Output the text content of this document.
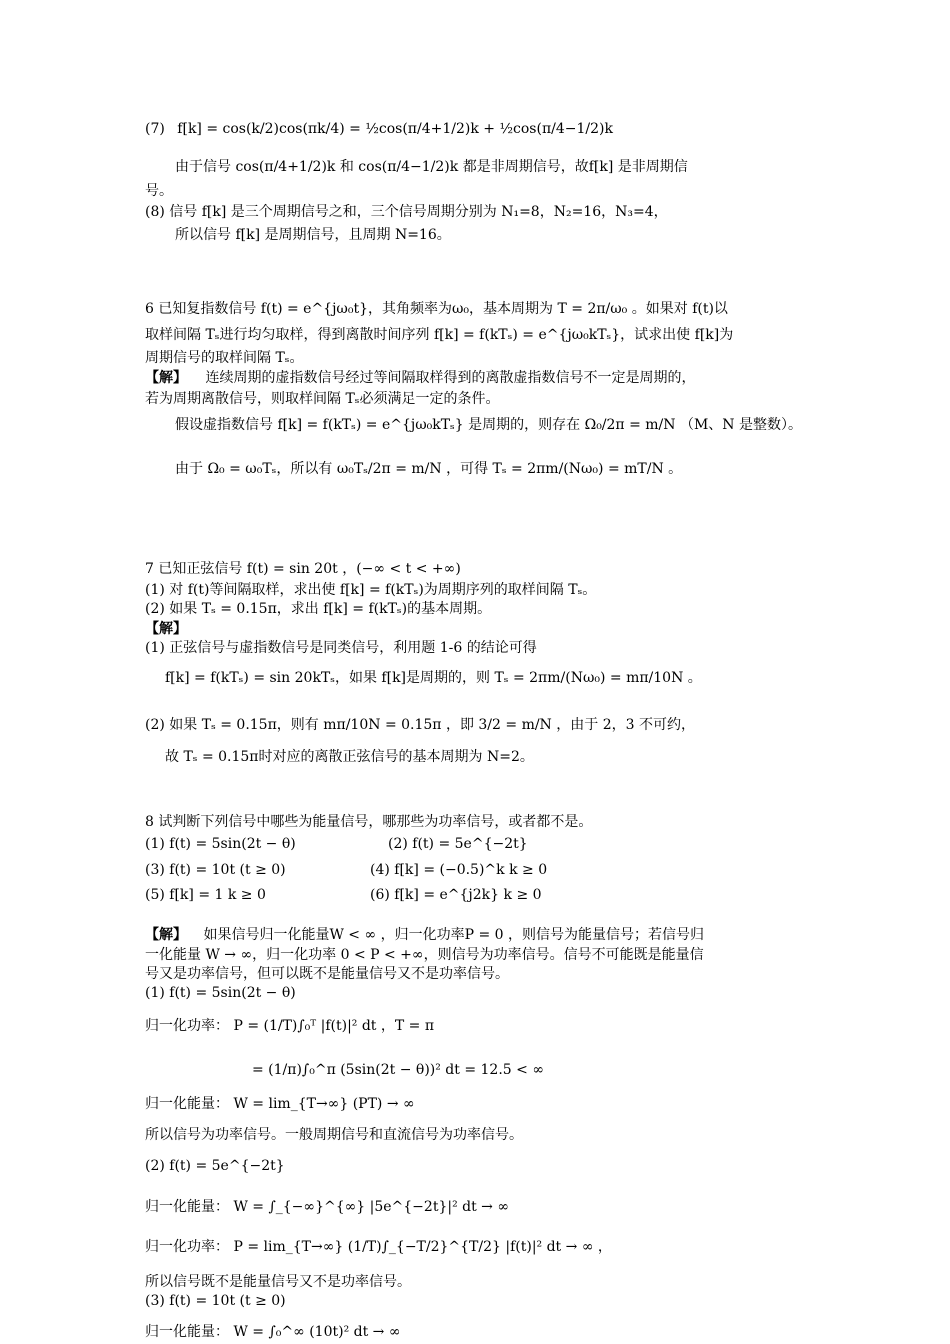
(7) f[k] = cos(k/2)cos(πk/4) = ½cos(π/4+1/2)k + ½cos(π/4−1/2)k
由于信号 cos(π/4+1/2)k 和 cos(π/4−1/2)k 都是非周期信号，故f[k] 是非周期信
号。
(8) 信号 f[k] 是三个周期信号之和，三个信号周期分别为 N₁=8，N₂=16，N₃=4，
所以信号 f[k] 是周期信号，且周期 N=16。
6 已知复指数信号 f(t) = e^{jω₀t}，其角频率为ω₀，基本周期为 T = 2π/ω₀ 。如果对 f(t)以
取样间隔 Tₛ进行均匀取样，得到离散时间序列 f[k] = f(kTₛ) = e^{jω₀kTₛ}，试求出使 f[k]为
周期信号的取样间隔 Tₛ。
【解】 连续周期的虚指数信号经过等间隔取样得到的离散虚指数信号不一定是周期的，
若为周期离散信号，则取样间隔 Tₛ必须满足一定的条件。
假设虚指数信号 f[k] = f(kTₛ) = e^{jω₀kTₛ} 是周期的，则存在 Ω₀/2π = m/N （M、N 是整数）。
由于 Ω₀ = ω₀Tₛ，所以有 ω₀Tₛ/2π = m/N ，可得 Tₛ = 2πm/(Nω₀) = mT/N 。
7 已知正弦信号 f(t) = sin 20t ，(−∞ < t < +∞)
(1) 对 f(t)等间隔取样，求出使 f[k] = f(kTₛ)为周期序列的取样间隔 Tₛ。
(2) 如果 Tₛ = 0.15π，求出 f[k] = f(kTₛ)的基本周期。
【解】
(1) 正弦信号与虚指数信号是同类信号，利用题 1-6 的结论可得
f[k] = f(kTₛ) = sin 20kTₛ，如果 f[k]是周期的，则 Tₛ = 2πm/(Nω₀) = mπ/10N 。
(2) 如果 Tₛ = 0.15π，则有 mπ/10N = 0.15π ，即 3/2 = m/N ，由于 2，3 不可约，
故 Tₛ = 0.15π时对应的离散正弦信号的基本周期为 N=2。
8 试判断下列信号中哪些为能量信号，哪那些为功率信号，或者都不是。
(1) f(t) = 5sin(2t − θ)	(2) f(t) = 5e^{−2t}
(3) f(t) = 10t (t ≥ 0)	(4) f[k] = (−0.5)^k k ≥ 0
(5) f[k] = 1 k ≥ 0	(6) f[k] = e^{j2k} k ≥ 0
【解】 如果信号归一化能量W < ∞ ，归一化功率P = 0 ，则信号为能量信号；若信号归
一化能量 W → ∞，归一化功率 0 < P < +∞，则信号为功率信号。信号不可能既是能量信
号又是功率信号，但可以既不是能量信号又不是功率信号。
(1) f(t) = 5sin(2t − θ)
归一化功率： P = (1/T)∫₀ᵀ |f(t)|² dt ，T = π
= (1/π)∫₀^π (5sin(2t − θ))² dt = 12.5 < ∞
归一化能量： W = lim_{T→∞} (PT) → ∞
所以信号为功率信号。一般周期信号和直流信号为功率信号。
(2) f(t) = 5e^{−2t}
归一化能量： W = ∫_{−∞}^{∞} |5e^{−2t}|² dt → ∞
归一化功率： P = lim_{T→∞} (1/T)∫_{−T/2}^{T/2} |f(t)|² dt → ∞ ，
所以信号既不是能量信号又不是功率信号。
(3) f(t) = 10t (t ≥ 0)
归一化能量： W = ∫₀^∞ (10t)² dt → ∞
